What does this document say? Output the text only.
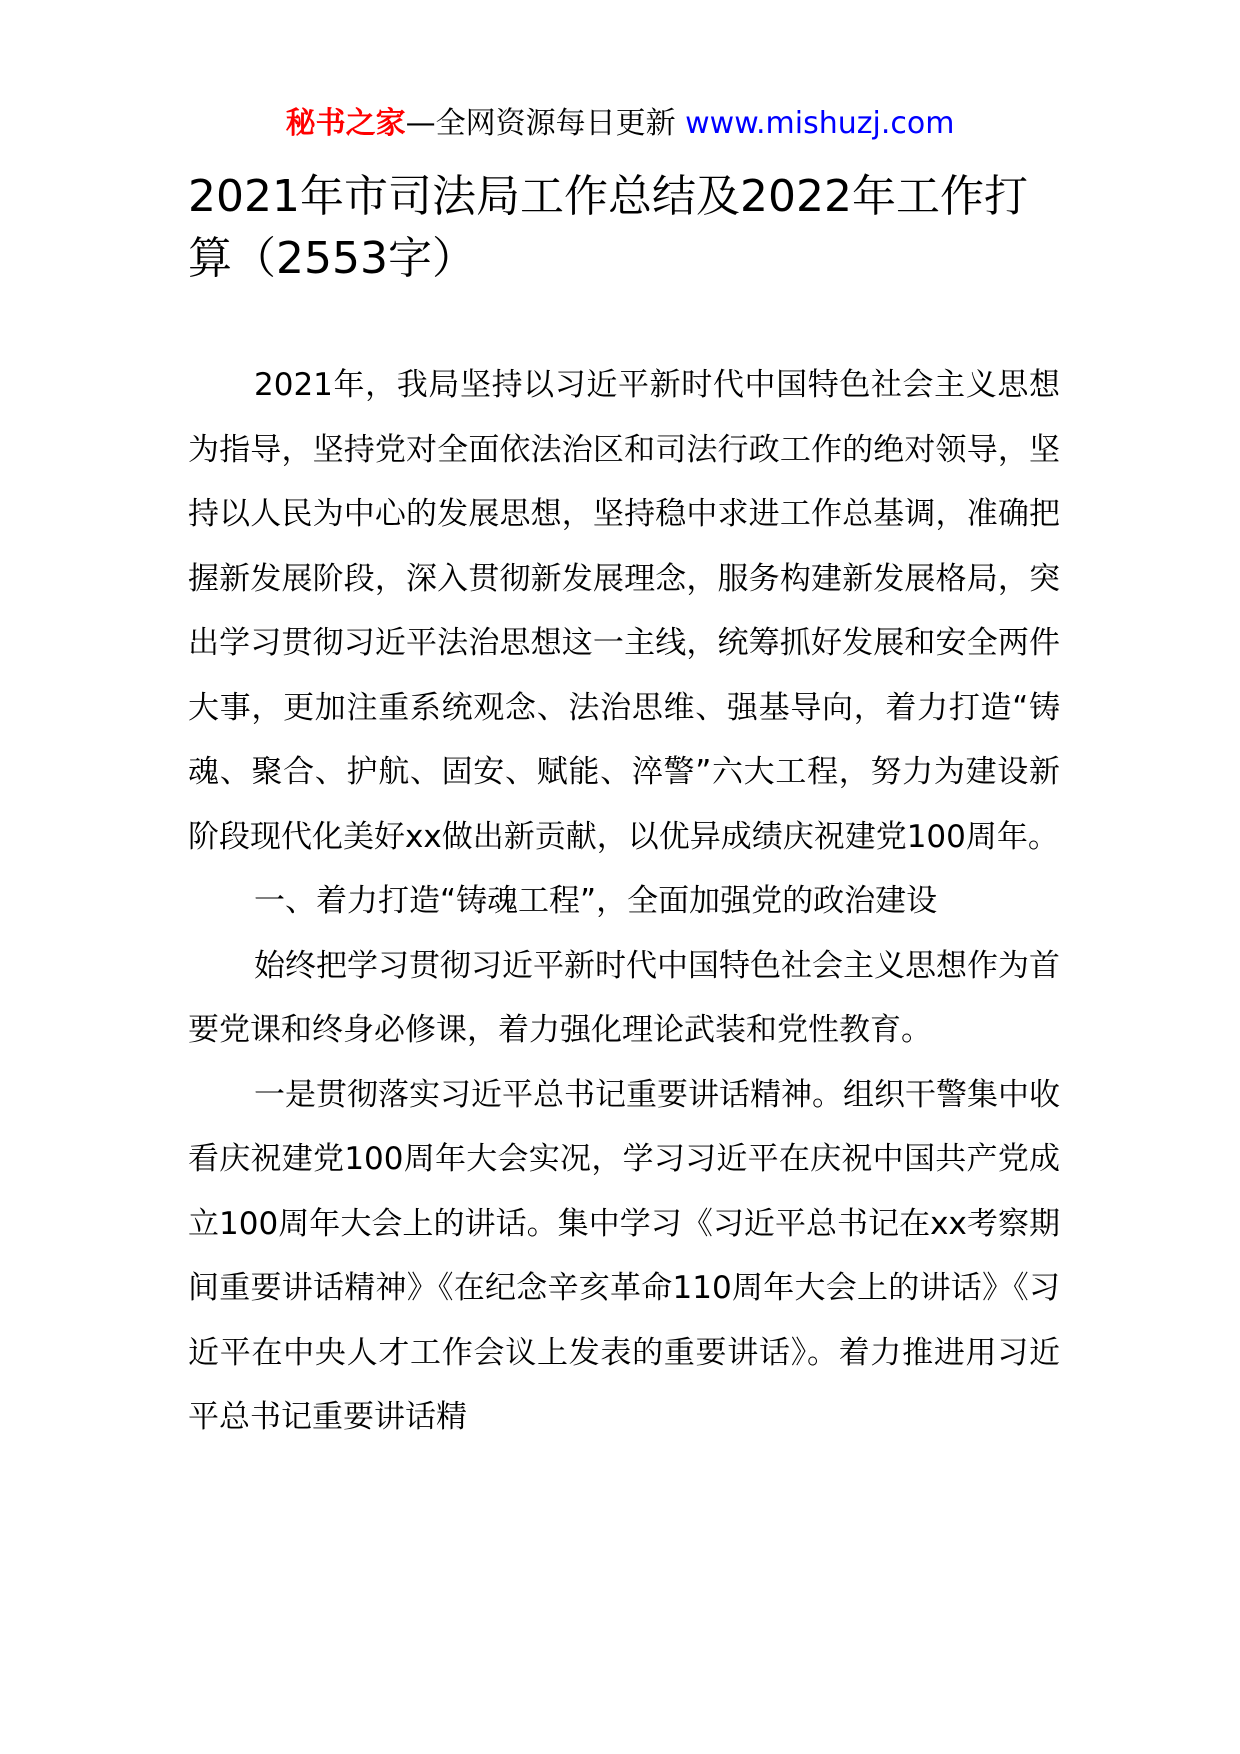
秘书之家—全网资源每日更新 www.mishuzj.com
2021年市司法局工作总结及2022年工作打算（2553字）

2021年，我局坚持以习近平新时代中国特色社会主义思想为指导，坚持党对全面依法治区和司法行政工作的绝对领导，坚持以人民为中心的发展思想，坚持稳中求进工作总基调，准确把握新发展阶段，深入贯彻新发展理念，服务构建新发展格局，突出学习贯彻习近平法治思想这一主线，统筹抓好发展和安全两件大事，更加注重系统观念、法治思维、强基导向，着力打造“铸魂、聚合、护航、固安、赋能、淬警”六大工程，努力为建设新阶段现代化美好xx做出新贡献，以优异成绩庆祝建党100周年。

一、着力打造“铸魂工程”，全面加强党的政治建设

始终把学习贯彻习近平新时代中国特色社会主义思想作为首要党课和终身必修课，着力强化理论武装和党性教育。

一是贯彻落实习近平总书记重要讲话精神。组织干警集中收看庆祝建党100周年大会实况，学习习近平在庆祝中国共产党成立100周年大会上的讲话。集中学习《习近平总书记在xx考察期间重要讲话精神》《在纪念辛亥革命110周年大会上的讲话》《习近平在中央人才工作会议上发表的重要讲话》。着力推进用习近平总书记重要讲话精
